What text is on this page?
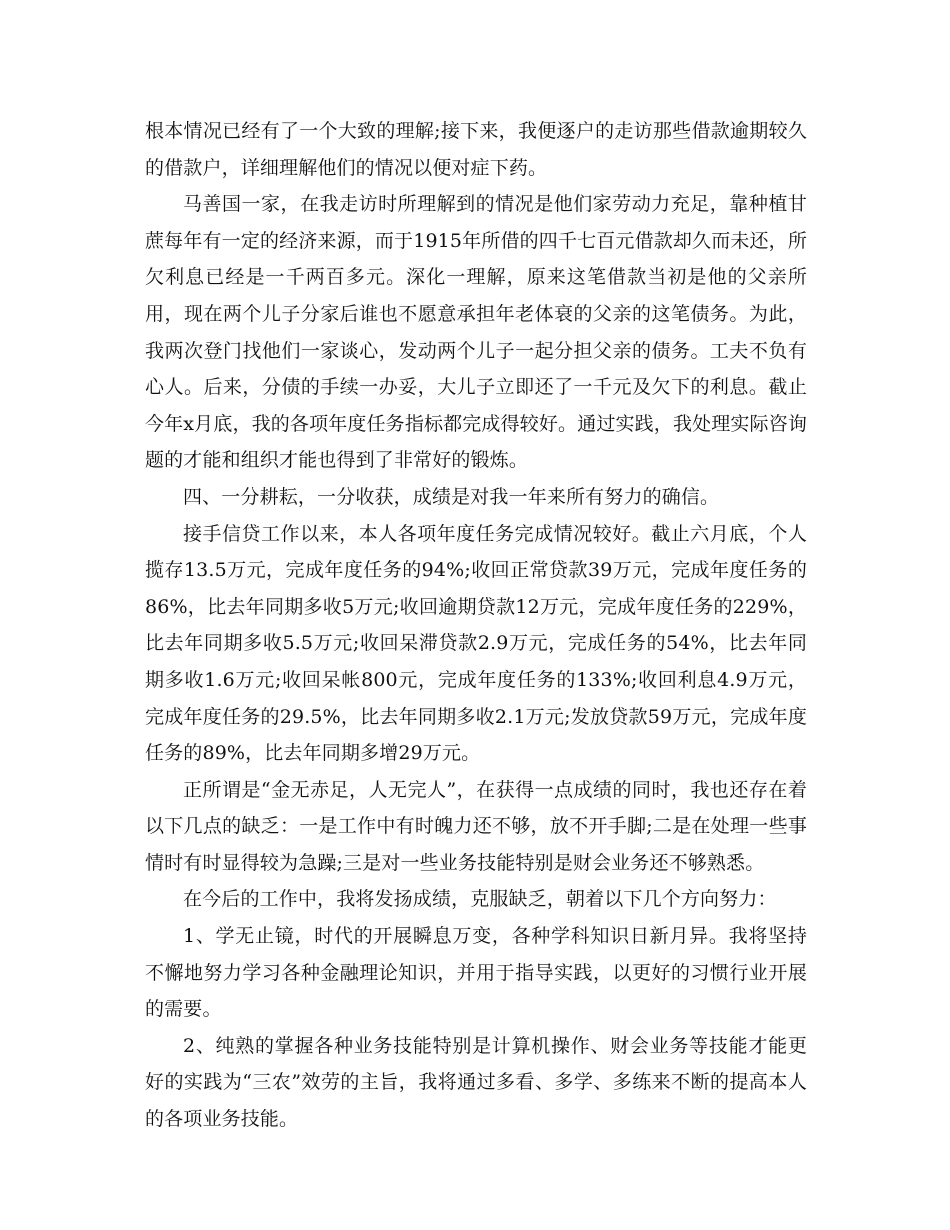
根本情况已经有了一个大致的理解;接下来，我便逐户的走访那些借款逾期较久的借款户，详细理解他们的情况以便对症下药。

马善国一家，在我走访时所理解到的情况是他们家劳动力充足，靠种植甘蔗每年有一定的经济来源，而于1915年所借的四千七百元借款却久而未还，所欠利息已经是一千两百多元。深化一理解，原来这笔借款当初是他的父亲所用，现在两个儿子分家后谁也不愿意承担年老体衰的父亲的这笔债务。为此，我两次登门找他们一家谈心，发动两个儿子一起分担父亲的债务。工夫不负有心人。后来，分债的手续一办妥，大儿子立即还了一千元及欠下的利息。截止今年x月底，我的各项年度任务指标都完成得较好。通过实践，我处理实际咨询题的才能和组织才能也得到了非常好的锻炼。

四、一分耕耘，一分收获，成绩是对我一年来所有努力的确信。

接手信贷工作以来，本人各项年度任务完成情况较好。截止六月底，个人揽存13.5万元，完成年度任务的94%;收回正常贷款39万元，完成年度任务的86%，比去年同期多收5万元;收回逾期贷款12万元，完成年度任务的229%，比去年同期多收5.5万元;收回呆滞贷款2.9万元，完成任务的54%，比去年同期多收1.6万元;收回呆帐800元，完成年度任务的133%;收回利息4.9万元，完成年度任务的29.5%，比去年同期多收2.1万元;发放贷款59万元，完成年度任务的89%，比去年同期多增29万元。

正所谓是“金无赤足，人无完人”，在获得一点成绩的同时，我也还存在着以下几点的缺乏：一是工作中有时魄力还不够，放不开手脚;二是在处理一些事情时有时显得较为急躁;三是对一些业务技能特别是财会业务还不够熟悉。

在今后的工作中，我将发扬成绩，克服缺乏，朝着以下几个方向努力：

1、学无止镜，时代的开展瞬息万变，各种学科知识日新月异。我将坚持不懈地努力学习各种金融理论知识，并用于指导实践，以更好的习惯行业开展的需要。

2、纯熟的掌握各种业务技能特别是计算机操作、财会业务等技能才能更好的实践为“三农”效劳的主旨，我将通过多看、多学、多练来不断的提高本人的各项业务技能。
